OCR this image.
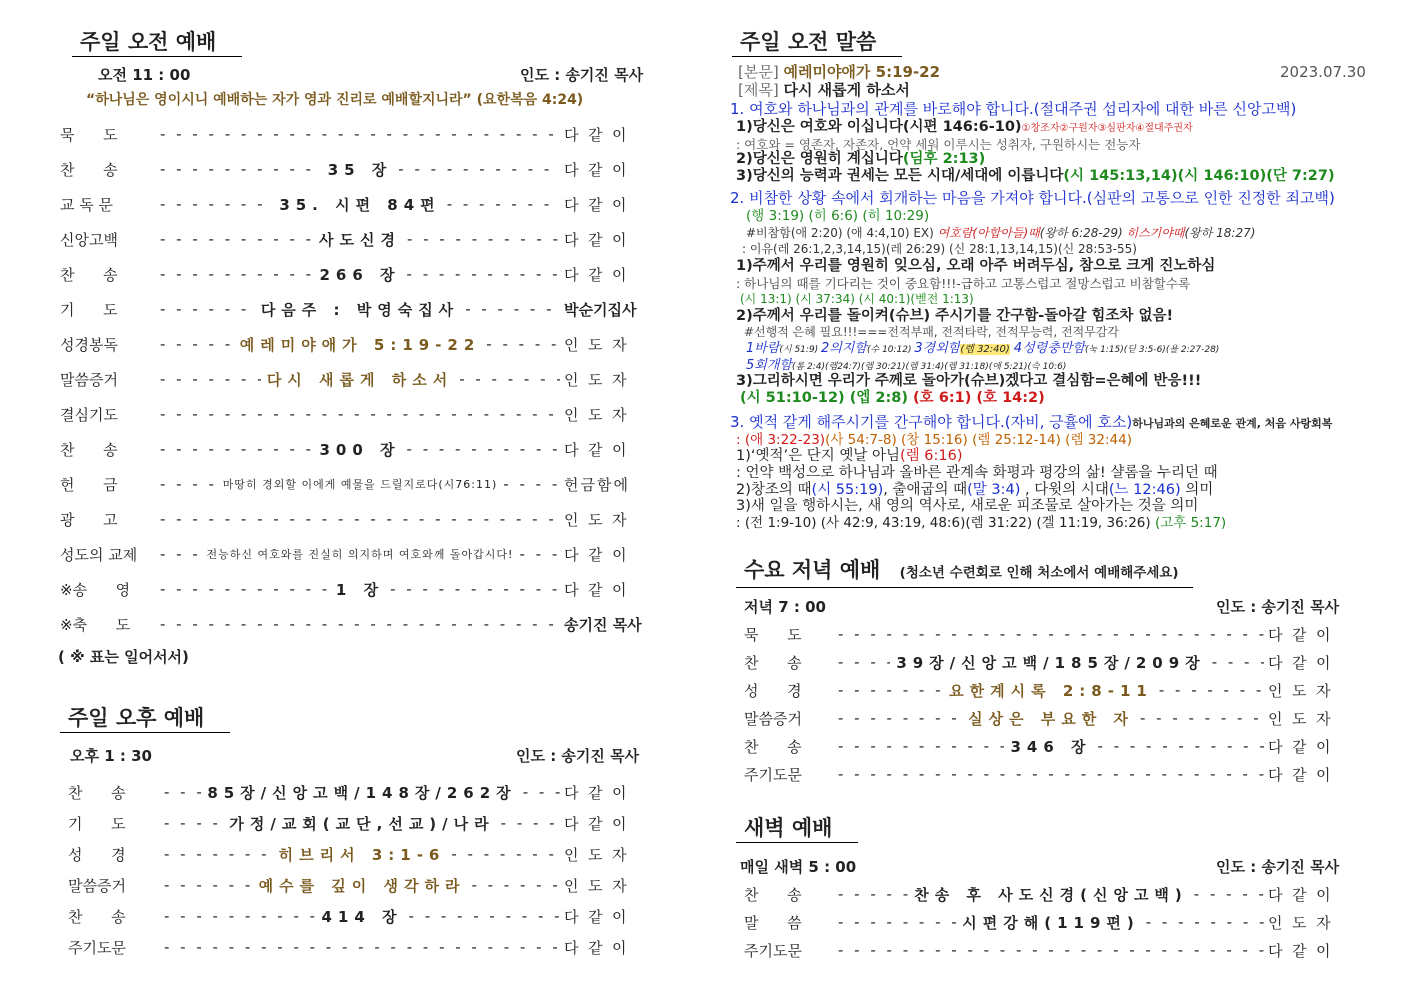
주일 오전 예배
오전 11 : 00	인도 : 송기진 목사
“하나님은 영이시니 예배하는 자가 영과 진리로 예배할지니라” (요한복음 4:24)
묵      도 - - -	다  같  이
찬      송 - - -	35 장 - - -	다  같  이
교 독 문 - - -	35. 시편 84편 - - -	다  같  이
신앙고백 - - -	사도신경 - - -	다  같  이
찬      송 - - -	266 장 - - -	다  같  이
기      도 - - -	다음주 : 박영숙집사 - - -	박순기집사
성경봉독 - - -	예레미야애가 5:19-22 - - -	인  도  자
말씀증거 - - -	다시 새롭게 하소서 - - -	인  도  자
결심기도 - - -	인  도  자
찬      송 - - -	300 장 - - -	다  같  이
헌      금 - - -	마땅히 경외할 이에게 예물을 드릴지로다(시76:11) - - -	헌금함에
광      고 - - -	인  도  자
성도의 교제 - - -	전능하신 여호와를 진실히 의지하며 여호와께 돌아갑시다! - - -	다  같  이
※송      영 - - -	1 장 - - -	다  같  이
※축      도 - - -	송기진 목사
( ※ 표는 일어서서)
주일 오후 예배
오후 1 : 30	인도 : 송기진 목사
찬      송 - - -	85장/신앙고백/148장/262장 - - -	다  같  이
기      도 - - -	가정/교회(교단,선교)/나라 - - -	다  같  이
성      경 - - -	히브리서 3:1-6 - - -	인  도  자
말씀증거 - - -	예수를 깊이 생각하라 - - -	인  도  자
찬      송 - - -	414 장 - - -	다  같  이
주기도문 - - -	다  같  이
주일 오전 말씀
[본문] 예레미야애가 5:19-22	2023.07.30
[제목] 다시 새롭게 하소서
1. 여호와 하나님과의 관계를 바로해야 합니다.(절대주권 섭리자에 대한 바른 신앙고백)
1)당신은 여호와 이십니다(시편 146:6-10)①창조자②구원자③심판자④절대주권자
: 여호와 = 영존자, 자존자, 언약 세워 이루시는 성취자, 구원하시는 전능자
2)당신은 영원히 계십니다(딤후 2:13)
3)당신의 능력과 권세는 모든 시대/세대에 이릅니다(시 145:13,14)(시 146:10)(단 7:27)
2. 비참한 상황 속에서 회개하는 마음을 가져야 합니다.(심판의 고통으로 인한 진정한 죄고백)
(행 3:19) (히 6:6) (히 10:29)
#비참함(애 2:20) (애 4:4,10) EX) 여호람(아합아들)때(왕하 6:28-29) 히스기야때(왕하 18:27)
: 이유(레 26:1,2,3,14,15)(레 26:29) (신 28:1,13,14,15)(신 28:53-55)
1)주께서 우리를 영원히 잊으심, 오래 아주 버려두심, 참으로 크게 진노하심
: 하나님의 때를 기다리는 것이 중요함!!!-급하고 고통스럽고 절망스럽고 비참할수록
(시 13:1) (시 37:34) (시 40:1)(벧전 1:13)
2)주께서 우리를 돌이켜(슈브) 주시기를 간구함-돌아갈 힘조차 없음!
#선행적 은혜 필요!!!===전적부패, 전적타락, 전적무능력, 전적무감각
1바람(시 51:9) 2의지함(수 10:12) 3경외함(렘 32:40) 4성령충만함(눅 1:15)(딛 3:5-6)(욜 2:27-28)
5회개함(롬 2:4)(렘24:7)(렘 30:21)(렘 31:4)(렘 31:18)(애 5:21)(슥 10:6)
3)그리하시면 우리가 주께로 돌아가(슈브)겠다고 결심함=은혜에 반응!!!
(시 51:10-12) (엡 2:8) (호 6:1) (호 14:2)
3. 옛적 같게 해주시기를 간구해야 합니다.(자비, 긍휼에 호소)하나님과의 은혜로운 관계, 처음 사랑회복
: (애 3:22-23)(사 54:7-8) (창 15:16) (렘 25:12-14) (렘 32:44)
1)‘옛적’은 단지 옛날 아님(렘 6:16)
: 언약 백성으로 하나님과 올바른 관계속 화평과 평강의 삶! 샬롬을 누리던 때
2)창조의 때(시 55:19), 출애굽의 때(말 3:4) , 다윗의 시대(느 12:46) 의미
3)새 일을 행하시는, 새 영의 역사로, 새로운 피조물로 살아가는 것을 의미
: (전 1:9-10) (사 42:9, 43:19, 48:6)(렘 31:22) (겔 11:19, 36:26) (고후 5:17)
수요 저녁 예배 (청소년 수련회로 인해 처소에서 예배해주세요)
저녁 7 : 00	인도 : 송기진 목사
묵      도 - - -	다  같  이
찬      송 - - -	39장/신앙고백/185장/209장 - - -	다  같  이
성      경 - - -	요한계시록 2:8-11 - - -	인  도  자
말씀증거 - - -	실상은 부요한 자 - - -	인  도  자
찬      송 - - -	346 장 - - -	다  같  이
주기도문 - - -	다  같  이
새벽 예배
매일 새벽 5 : 00	인도 : 송기진 목사
찬      송 - - -	찬송 후 사도신경(신앙고백) - - -	다  같  이
말      씀 - - -	시편강해(119편) - - -	인  도  자
주기도문 - - -	다  같  이
